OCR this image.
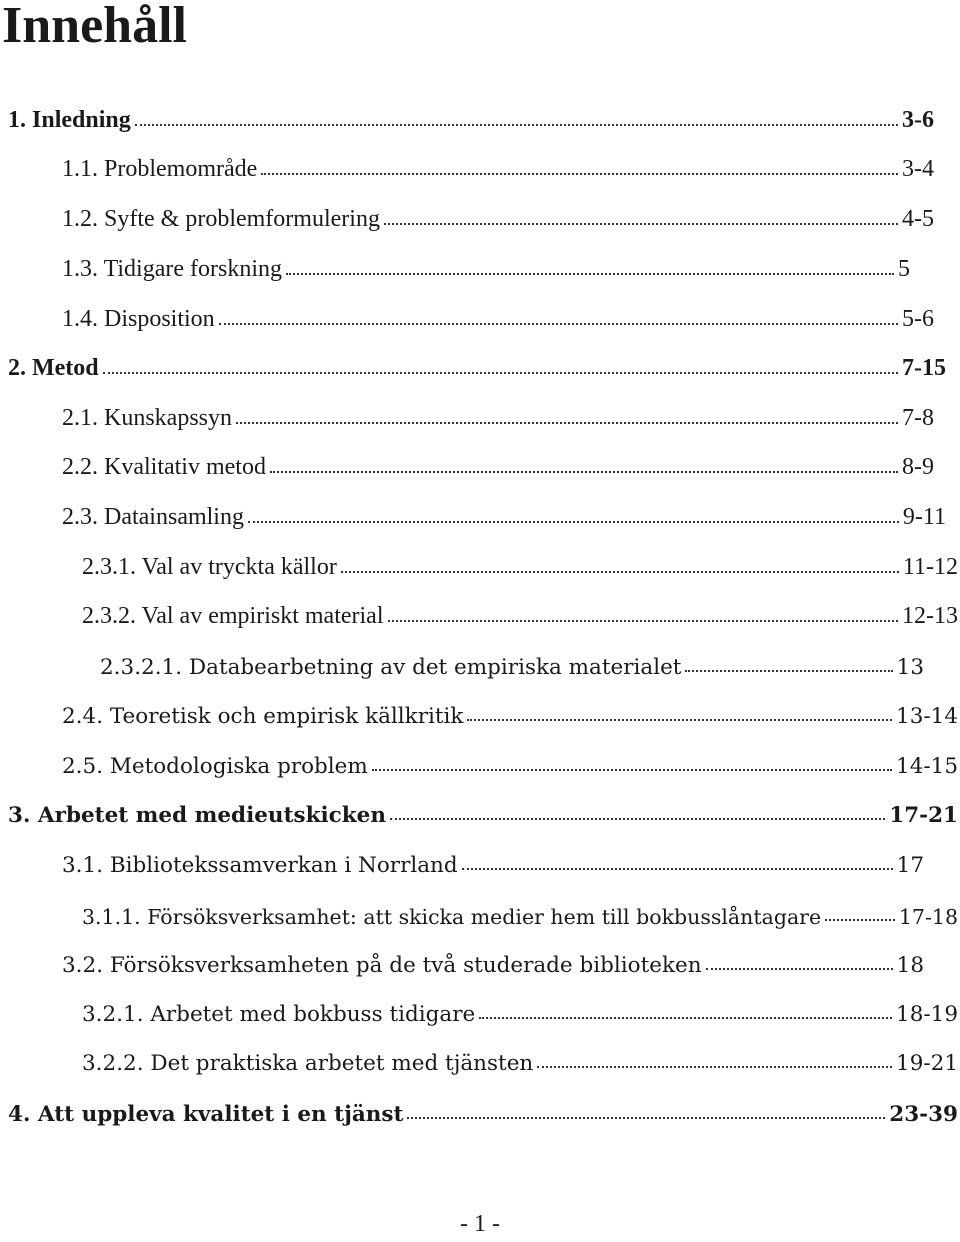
Innehåll
1. Inledning	3-6
1.1. Problemområde	3-4
1.2. Syfte & problemformulering	4-5
1.3. Tidigare forskning	5
1.4. Disposition	5-6
2. Metod	7-15
2.1. Kunskapssyn	7-8
2.2. Kvalitativ metod	8-9
2.3. Datainsamling	9-11
2.3.1. Val av tryckta källor	11-12
2.3.2. Val av empiriskt material	12-13
2.3.2.1. Databearbetning av det empiriska materialet	13
2.4. Teoretisk och empirisk källkritik	13-14
2.5. Metodologiska problem	14-15
3. Arbetet med medieutskicken	17-21
3.1. Bibliotekssamverkan i Norrland	17
3.1.1. Försöksverksamhet: att skicka medier hem till bokbusslåntagare	17-18
3.2. Försöksverksamheten på de två studerade biblioteken	18
3.2.1. Arbetet med bokbuss tidigare	18-19
3.2.2. Det praktiska arbetet med tjänsten	19-21
4. Att uppleva kvalitet i en tjänst	23-39
- 1 -
